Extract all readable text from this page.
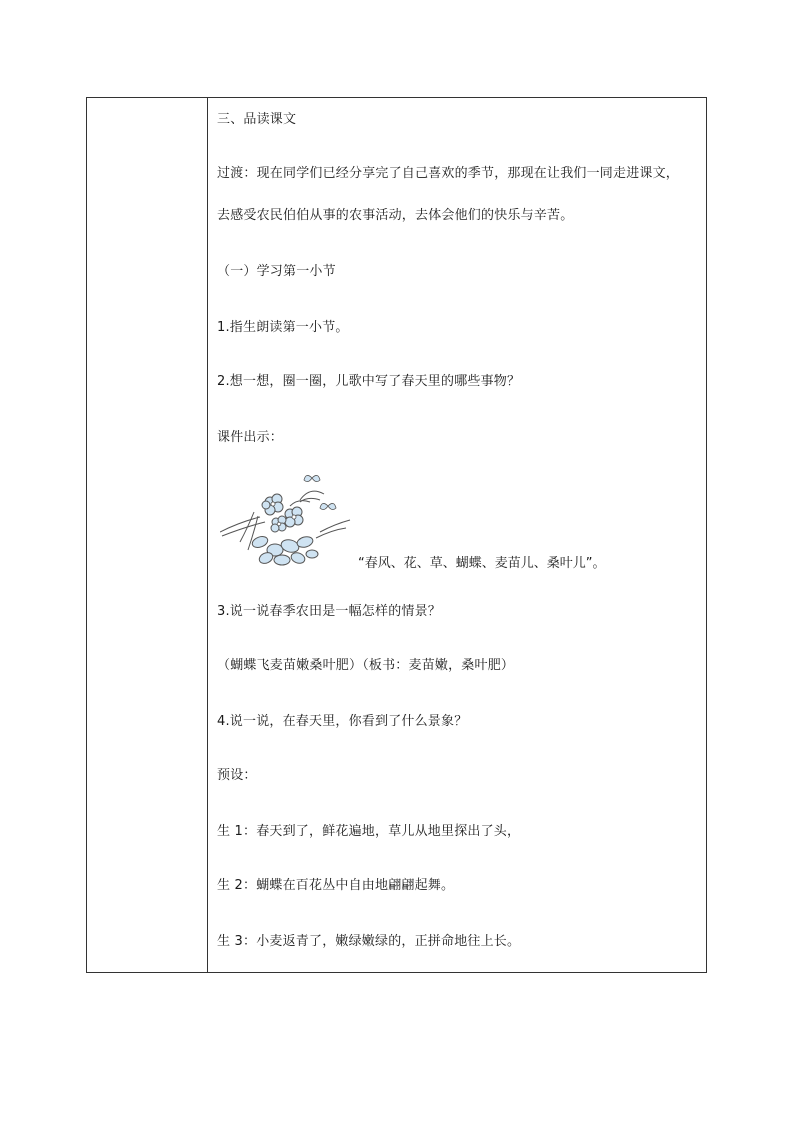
三、品读课文
过渡：现在同学们已经分享完了自己喜欢的季节，那现在让我们一同走进课文，
去感受农民伯伯从事的农事活动，去体会他们的快乐与辛苦。
（一）学习第一小节
1.指生朗读第一小节。
2.想一想，圈一圈，儿歌中写了春天里的哪些事物？
课件出示：
“春风、花、草、蝴蝶、麦苗儿、桑叶儿”。
3.说一说春季农田是一幅怎样的情景？
（蝴蝶飞麦苗嫩桑叶肥）（板书：麦苗嫩，桑叶肥）
4.说一说，在春天里，你看到了什么景象？
预设：
生 1：春天到了，鲜花遍地，草儿从地里探出了头，
生 2：蝴蝶在百花丛中自由地翩翩起舞。
生 3：小麦返青了，嫩绿嫩绿的，正拼命地往上长。
